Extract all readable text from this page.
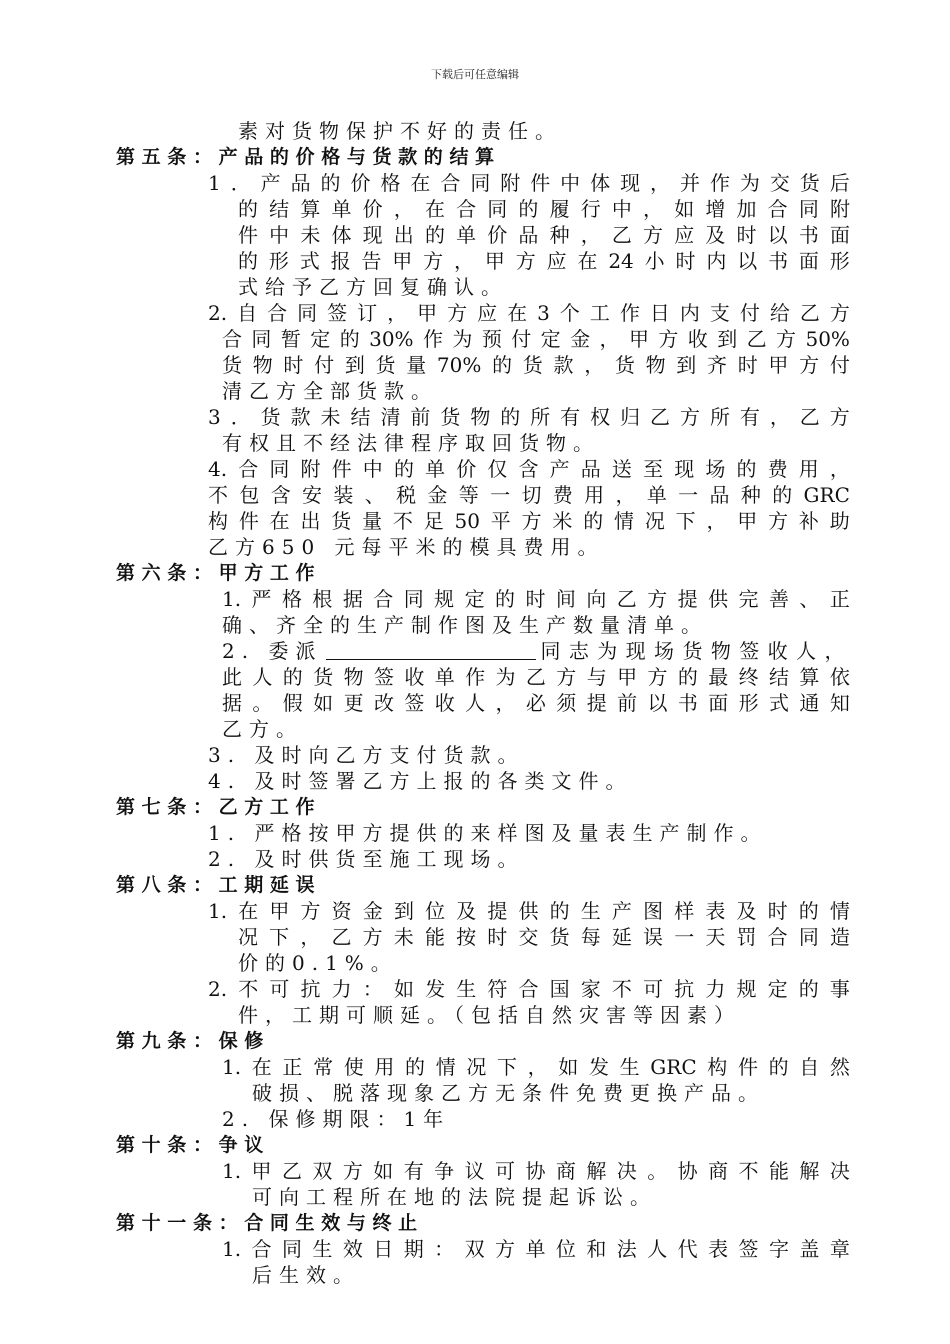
下载后可任意编辑
素对货物保护不好的责任。
第五条：产品的价格与货款的结算
1 ． 产 品 的 价 格 在 合 同 附 件 中 体 现 ， 并 作 为 交 货 后
的 结 算 单 价 ， 在 合 同 的 履 行 中 ， 如 增 加 合 同 附
件 中 未 体 现 出 的 单 价 品 种 ， 乙 方 应 及 时 以 书 面
的 形 式 报 告 甲 方 ， 甲 方 应 在 24 小 时 内 以 书 面 形
式给予乙方回复确认。
2. 自 合 同 签 订 ， 甲 方 应 在 3 个 工 作 日 内 支 付 给 乙 方
合 同 暂 定 的 30% 作 为 预 付 定 金 ， 甲 方 收 到 乙 方 50%
货 物 时 付 到 货 量 70% 的 货 款 ， 货 物 到 齐 时 甲 方 付
清乙方全部货款。
3 ． 货 款 未 结 清 前 货 物 的 所 有 权 归 乙 方 所 有 ， 乙 方
有权且不经法律程序取回货物。
4. 合 同 附 件 中 的 单 价 仅 含 产 品 送 至 现 场 的 费 用 ，
不 包 含 安 装 、 税 金 等 一 切 费 用 ， 单 一 品 种 的 GRC
构 件 在 出 货 量 不 足 50 平 方 米 的 情 况 下 ， 甲 方 补 助
乙方650 元每平米的模具费用。
第六条：甲方工作
1. 严 格 根 据 合 同 规 定 的 时 间 向 乙 方 提 供 完 善 、 正
确、齐全的生产制作图及生产数量清单。
2. 委派	同志为现场货物签收人，
此 人 的 货 物 签 收 单 作 为 乙 方 与 甲 方 的 最 终 结 算 依
据 。 假 如 更 改 签 收 人 ， 必 须 提 前 以 书 面 形 式 通 知
乙方。
3. 及时向乙方支付货款。
4. 及时签署乙方上报的各类文件。
第七条：乙方工作
1. 严格按甲方提供的来样图及量表生产制作。
2. 及时供货至施工现场。
第八条：工期延误
1. 在 甲 方 资 金 到 位 及 提 供 的 生 产 图 样 表 及 时 的 情
况 下 ， 乙 方 未 能 按 时 交 货 每 延 误 一 天 罚 合 同 造
价的0.1%。
2. 不 可 抗 力 ： 如 发 生 符 合 国 家 不 可 抗 力 规 定 的 事
件，工期可顺延。（包括自然灾害等因素）
第九条：保修
1. 在 正 常 使 用 的 情 况 下 ， 如 发 生 GRC 构 件 的 自 然
破损、脱落现象乙方无条件免费更换产品。
2. 保修期限：1年
第十条：争议
1. 甲 乙 双 方 如 有 争 议 可 协 商 解 决 。 协 商 不 能 解 决
可向工程所在地的法院提起诉讼。
第十一条：合同生效与终止
1. 合 同 生 效 日 期 ： 双 方 单 位 和 法 人 代 表 签 字 盖 章
后生效。
